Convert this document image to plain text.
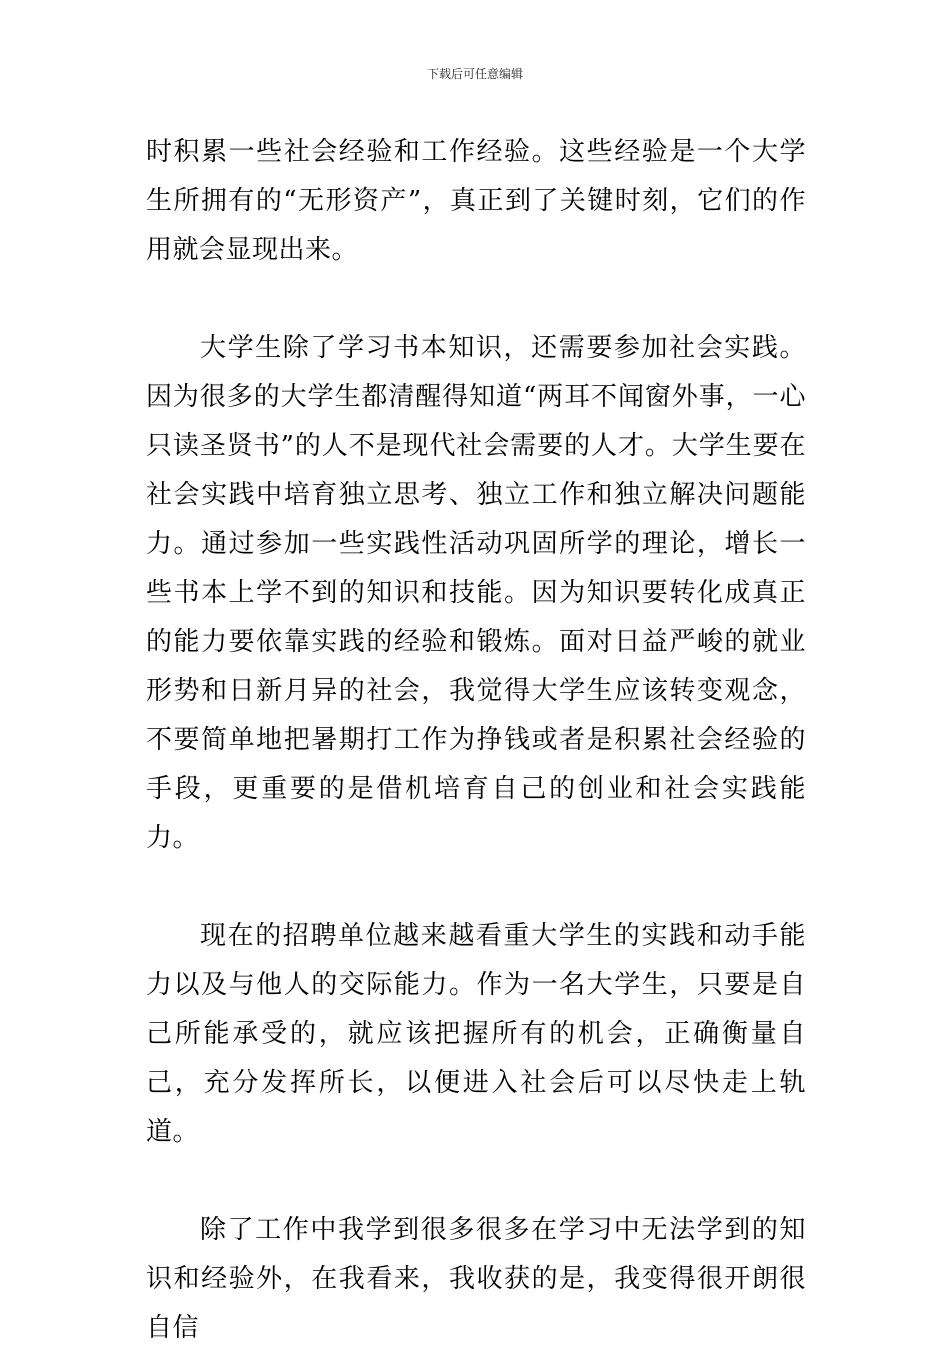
下载后可任意编辑

时积累一些社会经验和工作经验。这些经验是一个大学生所拥有的“无形资产”，真正到了关键时刻，它们的作用就会显现出来。

大学生除了学习书本知识，还需要参加社会实践。因为很多的大学生都清醒得知道“两耳不闻窗外事，一心只读圣贤书”的人不是现代社会需要的人才。大学生要在社会实践中培育独立思考、独立工作和独立解决问题能力。通过参加一些实践性活动巩固所学的理论，增长一些书本上学不到的知识和技能。因为知识要转化成真正的能力要依靠实践的经验和锻炼。面对日益严峻的就业形势和日新月异的社会，我觉得大学生应该转变观念，不要简单地把暑期打工作为挣钱或者是积累社会经验的手段，更重要的是借机培育自己的创业和社会实践能力。

现在的招聘单位越来越看重大学生的实践和动手能力以及与他人的交际能力。作为一名大学生，只要是自己所能承受的，就应该把握所有的机会，正确衡量自己，充分发挥所长，以便进入社会后可以尽快走上轨道。

除了工作中我学到很多很多在学习中无法学到的知识和经验外，在我看来，我收获的是，我变得很开朗很自信
